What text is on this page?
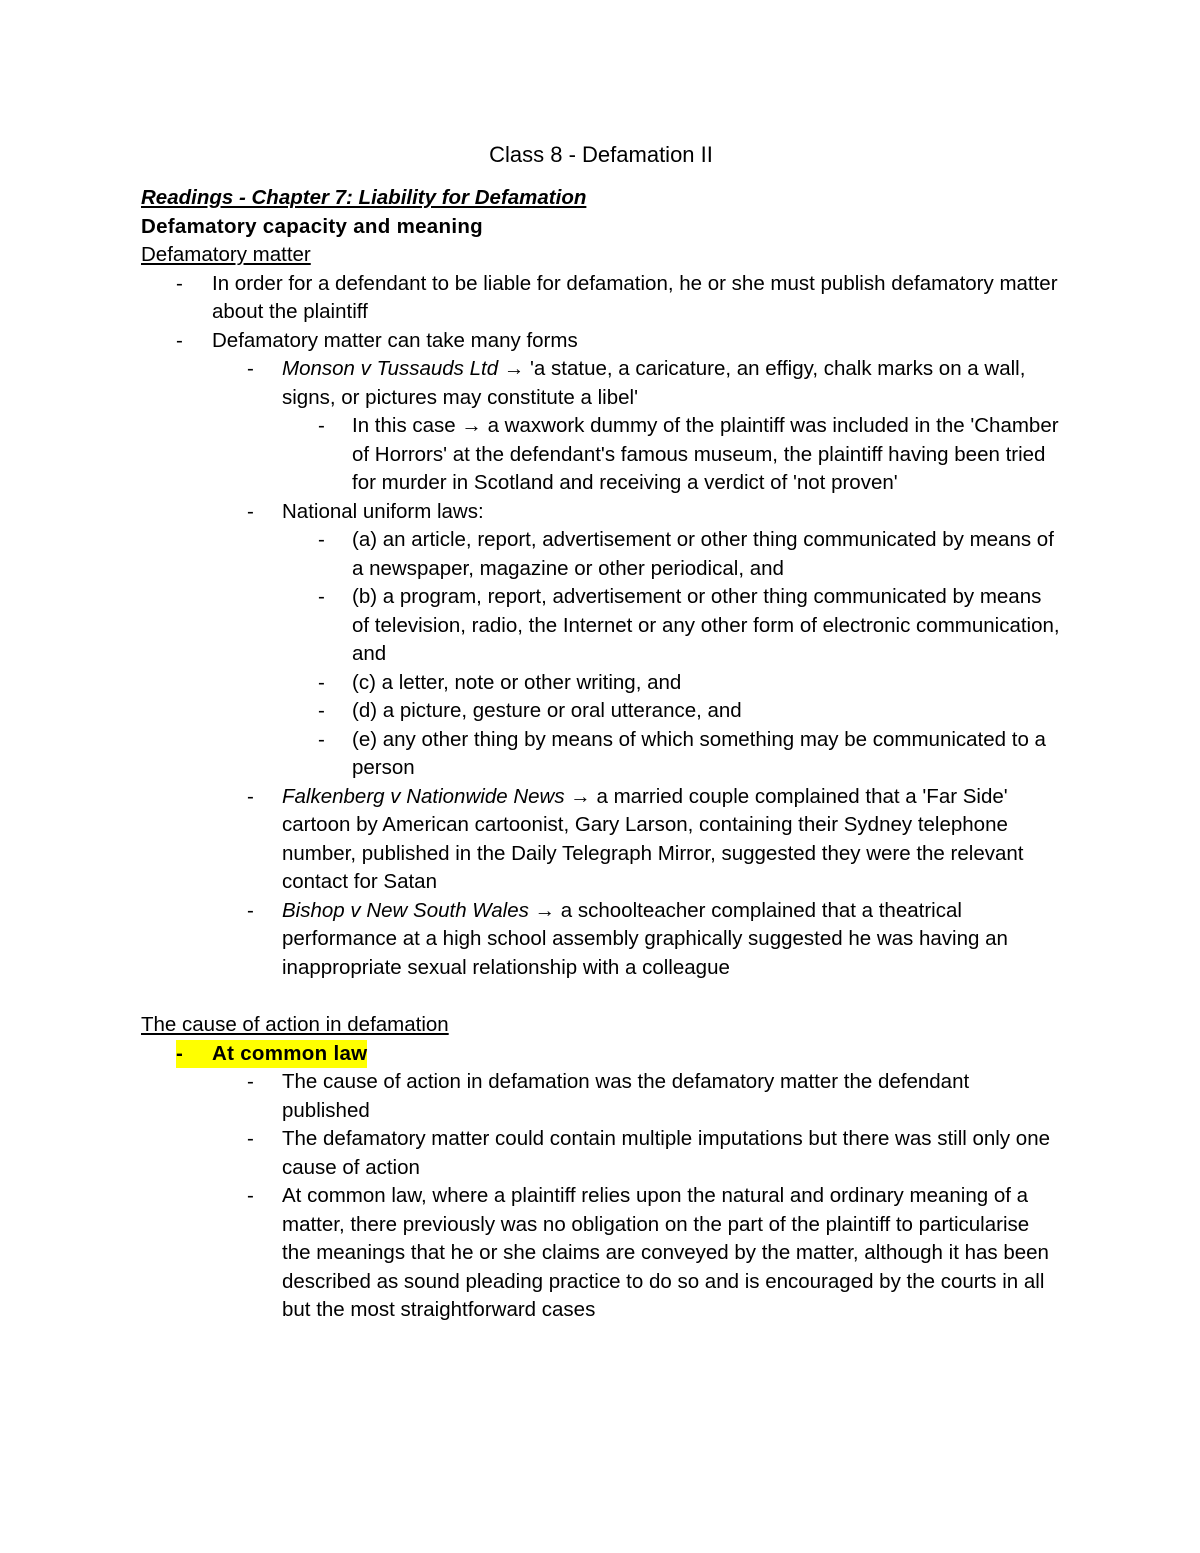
Class 8 - Defamation II

Readings - Chapter 7: Liability for Defamation

Defamatory capacity and meaning

Defamatory matter

-	In order for a defendant to be liable for defamation, he or she must publish defamatory matter about the plaintiff
-	Defamatory matter can take many forms
-	Monson v Tussauds Ltd → 'a statue, a caricature, an effigy, chalk marks on a wall, signs, or pictures may constitute a libel'
-	In this case → a waxwork dummy of the plaintiff was included in the 'Chamber of Horrors' at the defendant's famous museum, the plaintiff having been tried for murder in Scotland and receiving a verdict of 'not proven'
-	National uniform laws:
-	(a) an article, report, advertisement or other thing communicated by means of a newspaper, magazine or other periodical, and
-	(b) a program, report, advertisement or other thing communicated by means of television, radio, the Internet or any other form of electronic communication, and
-	(c) a letter, note or other writing, and
-	(d) a picture, gesture or oral utterance, and
-	(e) any other thing by means of which something may be communicated to a person
-	Falkenberg v Nationwide News → a married couple complained that a 'Far Side' cartoon by American cartoonist, Gary Larson, containing their Sydney telephone number, published in the Daily Telegraph Mirror, suggested they were the relevant contact for Satan
-	Bishop v New South Wales → a schoolteacher complained that a theatrical performance at a high school assembly graphically suggested he was having an inappropriate sexual relationship with a colleague

The cause of action in defamation

- At common law
-	The cause of action in defamation was the defamatory matter the defendant published
-	The defamatory matter could contain multiple imputations but there was still only one cause of action
-	At common law, where a plaintiff relies upon the natural and ordinary meaning of a matter, there previously was no obligation on the part of the plaintiff to particularise the meanings that he or she claims are conveyed by the matter, although it has been described as sound pleading practice to do so and is encouraged by the courts in all but the most straightforward cases
